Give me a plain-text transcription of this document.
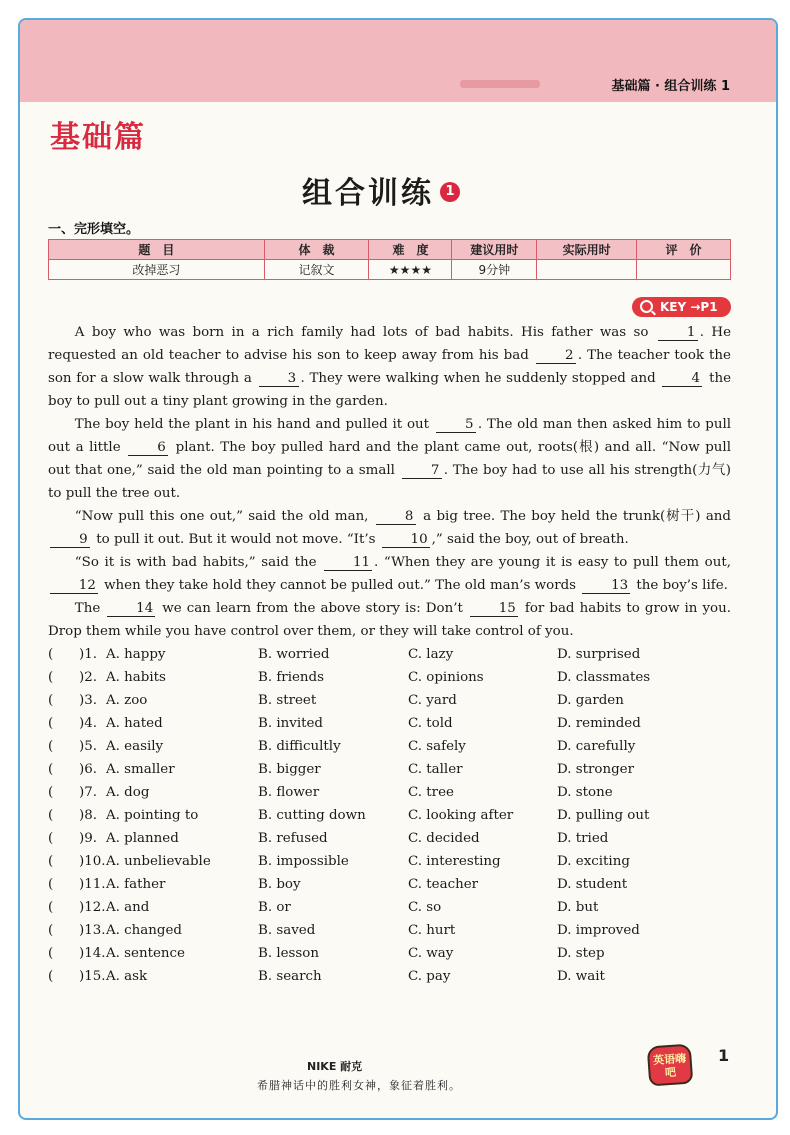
基础篇 · 组合训练 1
基础篇
组合训练 1
一、完形填空。
题　目	体　裁	难　度	建议用时	实际用时	评　价
改掉恶习	记叙文	★★★★	9分钟		
KEY →P1

A boy who was born in a rich family had lots of bad habits. His father was so 1 . He requested an old teacher to advise his son to keep away from his bad 2 . The teacher took the son for a slow walk through a 3 . They were walking when he suddenly stopped and 4 the boy to pull out a tiny plant growing in the garden.

The boy held the plant in his hand and pulled it out 5 . The old man then asked him to pull out a little 6 plant. The boy pulled hard and the plant came out, roots(根) and all. “Now pull out that one,” said the old man pointing to a small 7 . The boy had to use all his strength(力气) to pull the tree out.

“Now pull this one out,” said the old man, 8 a big tree. The boy held the trunk(树干) and 9 to pull it out. But it would not move. “It’s 10 ,” said the boy, out of breath.

“So it is with bad habits,” said the 11 . “When they are young it is easy to pull them out, 12 when they take hold they cannot be pulled out.” The old man’s words 13 the boy’s life.

The 14 we can learn from the above story is: Don’t 15 for bad habits to grow in you. Drop them while you have control over them, or they will take control of you.

( )1. A. happy	B. worried	C. lazy	D. surprised
( )2. A. habits	B. friends	C. opinions	D. classmates
( )3. A. zoo	B. street	C. yard	D. garden
( )4. A. hated	B. invited	C. told	D. reminded
( )5. A. easily	B. difficultly	C. safely	D. carefully
( )6. A. smaller	B. bigger	C. taller	D. stronger
( )7. A. dog	B. flower	C. tree	D. stone
( )8. A. pointing to	B. cutting down	C. looking after	D. pulling out
( )9. A. planned	B. refused	C. decided	D. tried
( )10. A. unbelievable	B. impossible	C. interesting	D. exciting
( )11. A. father	B. boy	C. teacher	D. student
( )12. A. and	B. or	C. so	D. but
( )13. A. changed	B. saved	C. hurt	D. improved
( )14. A. sentence	B. lesson	C. way	D. step
( )15. A. ask	B. search	C. pay	D. wait
NIKE 耐克
希腊神话中的胜利女神，象征着胜利。
英语嗨吧
1
